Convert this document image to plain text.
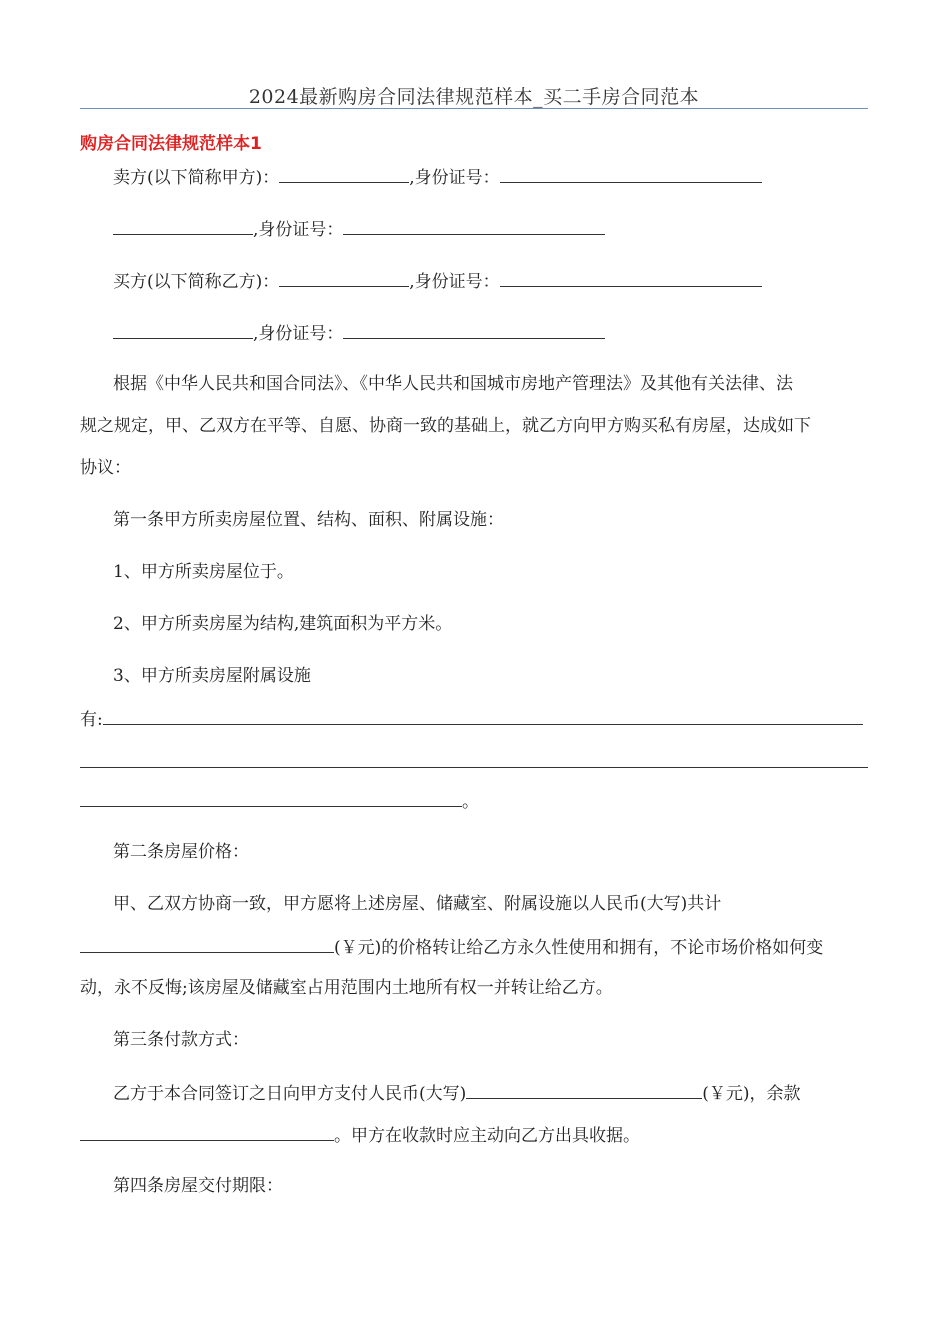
2024最新购房合同法律规范样本_买二手房合同范本
购房合同法律规范样本1
卖方(以下简称甲方)：	,身份证号：
,身份证号：
买方(以下简称乙方)：	,身份证号：
,身份证号：
根据《中华人民共和国合同法》、《中华人民共和国城市房地产管理法》及其他有关法律、法
规之规定，甲、乙双方在平等、自愿、协商一致的基础上，就乙方向甲方购买私有房屋，达成如下
协议：
第一条甲方所卖房屋位置、结构、面积、附属设施：
1、甲方所卖房屋位于。
2、甲方所卖房屋为结构,建筑面积为平方米。
3、甲方所卖房屋附属设施
有:
。
第二条房屋价格：
甲、乙双方协商一致，甲方愿将上述房屋、储藏室、附属设施以人民币(大写)共计
(￥元)的价格转让给乙方永久性使用和拥有，不论市场价格如何变
动，永不反悔;该房屋及储藏室占用范围内土地所有权一并转让给乙方。
第三条付款方式：
乙方于本合同签订之日向甲方支付人民币(大写)	(￥元)，余款
。甲方在收款时应主动向乙方出具收据。
第四条房屋交付期限：
